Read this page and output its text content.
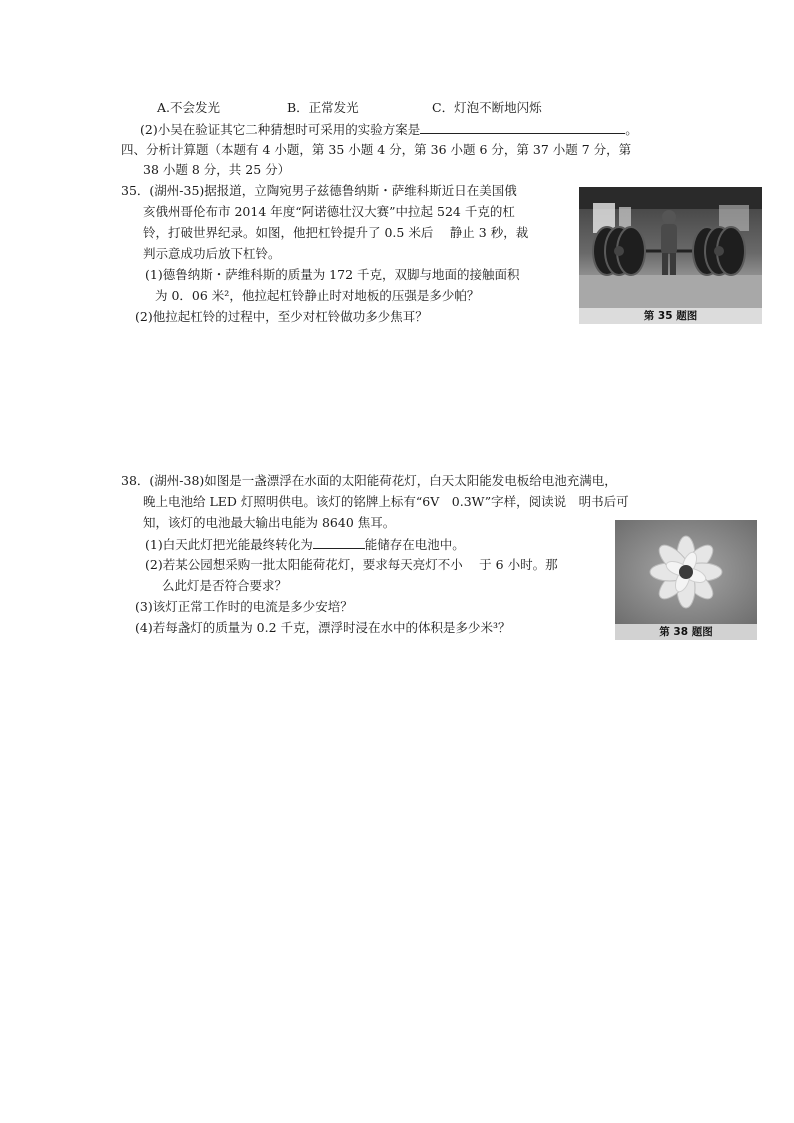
A.不会发光	B．正常发光	C．灯泡不断地闪烁
(2)小吴在验证其它二种猜想时可采用的实验方案是	。
四、分析计算题（本题有 4 小题，第 35 小题 4 分，第 36 小题 6 分，第 37 小题 7 分，第
38 小题 8 分，共 25 分）
35．(湖州-35)据报道，立陶宛男子兹德鲁纳斯・萨维科斯近日在美国俄
亥俄州哥伦布市 2014 年度“阿诺德壮汉大赛”中拉起 524 千克的杠
铃，打破世界纪录。如图，他把杠铃提升了 0.5 米后　 静止 3 秒，裁
判示意成功后放下杠铃。
(1)德鲁纳斯・萨维科斯的质量为 172 千克，双脚与地面的接触面积
为 0．06 米²，他拉起杠铃静止时对地板的压强是多少帕？
(2)他拉起杠铃的过程中，至少对杠铃做功多少焦耳？	第 35 题图
38．(湖州-38)如图是一盏漂浮在水面的太阳能荷花灯，白天太阳能发电板给电池充满电，
晚上电池给 LED 灯照明供电。该灯的铭牌上标有“6V　0.3W”字样，阅读说　明书后可
知，该灯的电池最大输出电能为 8640 焦耳。
(1)白天此灯把光能最终转化为	能储存在电池中。
(2)若某公园想采购一批太阳能荷花灯，要求每天亮灯不小　 于 6 小时。那
么此灯是否符合要求？
(3)该灯正常工作时的电流是多少安培？
(4)若每盏灯的质量为 0.2 千克，漂浮时浸在水中的体积是多少米³？	第 38 题图
